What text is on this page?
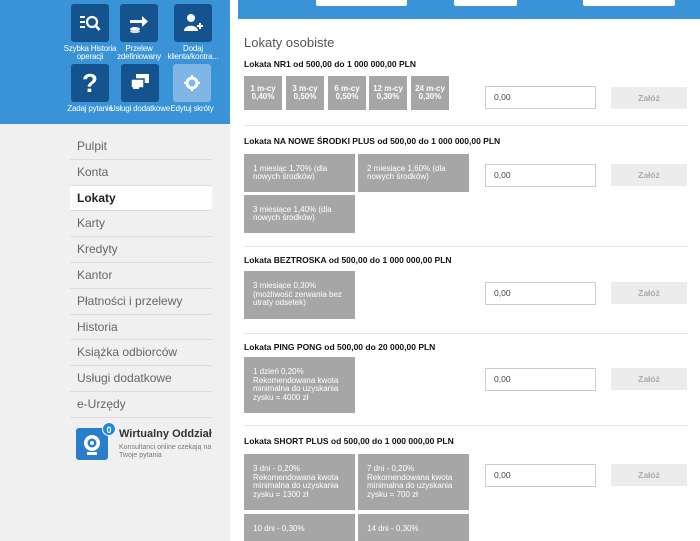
Szybka Historia operacji
Przelew zdefiniowany
Dodaj klienta/kontra...
?
Zadaj pytanie
Usługi dodatkowe Edytuj skróty
Pulpit
Konta
Lokaty
Karty
Kredyty
Kantor
Płatności i przelewy
Historia
Książka odbiorców
Usługi dodatkowe
e-Urzędy
0 Wirtualny Oddział
Konsultanci online czekają na Twoje pytania
Lokaty osobiste
Lokata NR1 od 500,00 do 1 000 000,00 PLN
1 m-cy 0,40%
3 m-cy 0,50%
6 m-cy 0,50%
12 m-cy 0,30%
24 m-cy 0,30%	0,00	Załóż
Lokata NA NOWE ŚRODKI PLUS od 500,00 do 1 000 000,00 PLN
1 miesiąc 1,70% (dla nowych środków)
2 miesiące 1,60% (dla nowych środków)
3 miesiące 1,40% (dla nowych środków)
0,00	Załóż
Lokata BEZTROSKA od 500,00 do 1 000 000,00 PLN
3 miesiące 0,30% (możliwość zerwania bez utraty odsetek)
0,00	Załóż
Lokata PING PONG od 500,00 do 20 000,00 PLN
1 dzień 0,20% Rekomendowana kwota minimalna do uzyskania zysku = 4000 zł
0,00	Załóż
Lokata SHORT PLUS od 500,00 do 1 000 000,00 PLN
3 dni - 0,20% Rekomendowana kwota minimalna do uzyskania zysku = 1300 zł
7 dni - 0,20% Rekomendowana kwota minimalna do uzyskania zysku = 700 zł
10 dni - 0,30%	14 dni - 0,30%
0,00	Załóż
